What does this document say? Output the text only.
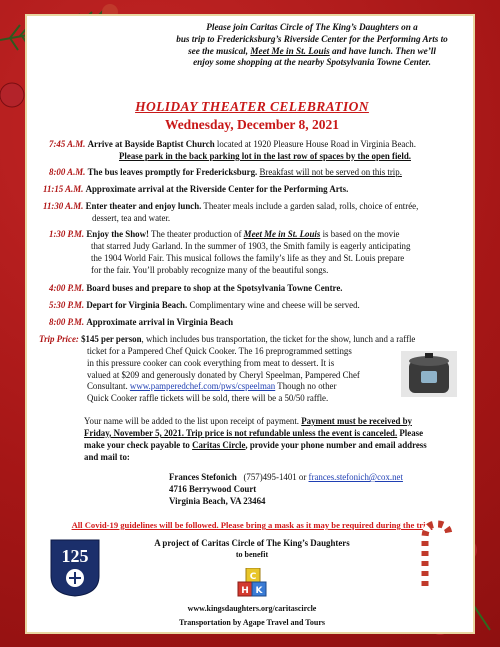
Please join Caritas Circle of The King’s Daughters on a
bus trip to Fredericksburg’s Riverside Center for the Performing Arts to
see the musical, Meet Me in St. Louis and have lunch. Then we’ll
enjoy some shopping at the nearby Spotsylvania Towne Center.
HOLIDAY THEATER CELEBRATION
Wednesday, December 8, 2021
7:45 A.M. Arrive at Bayside Baptist Church located at 1920 Pleasure House Road in Virginia Beach.
Please park in the back parking lot in the last row of spaces by the open field.
8:00 A.M. The bus leaves promptly for Fredericksburg. Breakfast will not be served on this trip.
11:15 A.M. Approximate arrival at the Riverside Center for the Performing Arts.
11:30 A.M. Enter theater and enjoy lunch. Theater meals include a garden salad, rolls, choice of entrée,
dessert, tea and water.
1:30 P.M. Enjoy the Show! The theater production of Meet Me in St. Louis is based on the movie
that starred Judy Garland. In the summer of 1903, the Smith family is eagerly anticipating
the 1904 World Fair. This musical follows the family’s life as they and St. Louis prepare
for the fair. You’ll probably recognize many of the beautiful songs.
4:00 P.M. Board buses and prepare to shop at the Spotsylvania Towne Centre.
5:30 P.M. Depart for Virginia Beach. Complimentary wine and cheese will be served.
8:00 P.M. Approximate arrival in Virginia Beach
Trip Price: $145 per person, which includes bus transportation, the ticket for the show, lunch and a raffle
ticket for a Pampered Chef Quick Cooker. The 16 preprogrammed settings
in this pressure cooker can cook everything from meat to dessert. It is
valued at $209 and generously donated by Cheryl Speelman, Pampered Chef
Consultant. www.pamperedchef.com/pws/cspeelman Though no other
Quick Cooker raffle tickets will be sold, there will be a 50/50 raffle.
Your name will be added to the list upon receipt of payment. Payment must be received by
Friday, November 5, 2021. Trip price is not refundable unless the event is canceled. Please
make your check payable to Caritas Circle, provide your phone number and email address
and mail to:
Frances Stefonich (757)495-1401 or frances.stefonich@cox.net
4716 Berrywood Court
Virginia Beach, VA 23464
All Covid-19 guidelines will be followed. Please bring a mask as it may be required during the trip.
A project of Caritas Circle of The King’s Daughters
to benefit
C
H K
www.kingsdaughters.org/caritascircle
Transportation by Agape Travel and Tours
125
